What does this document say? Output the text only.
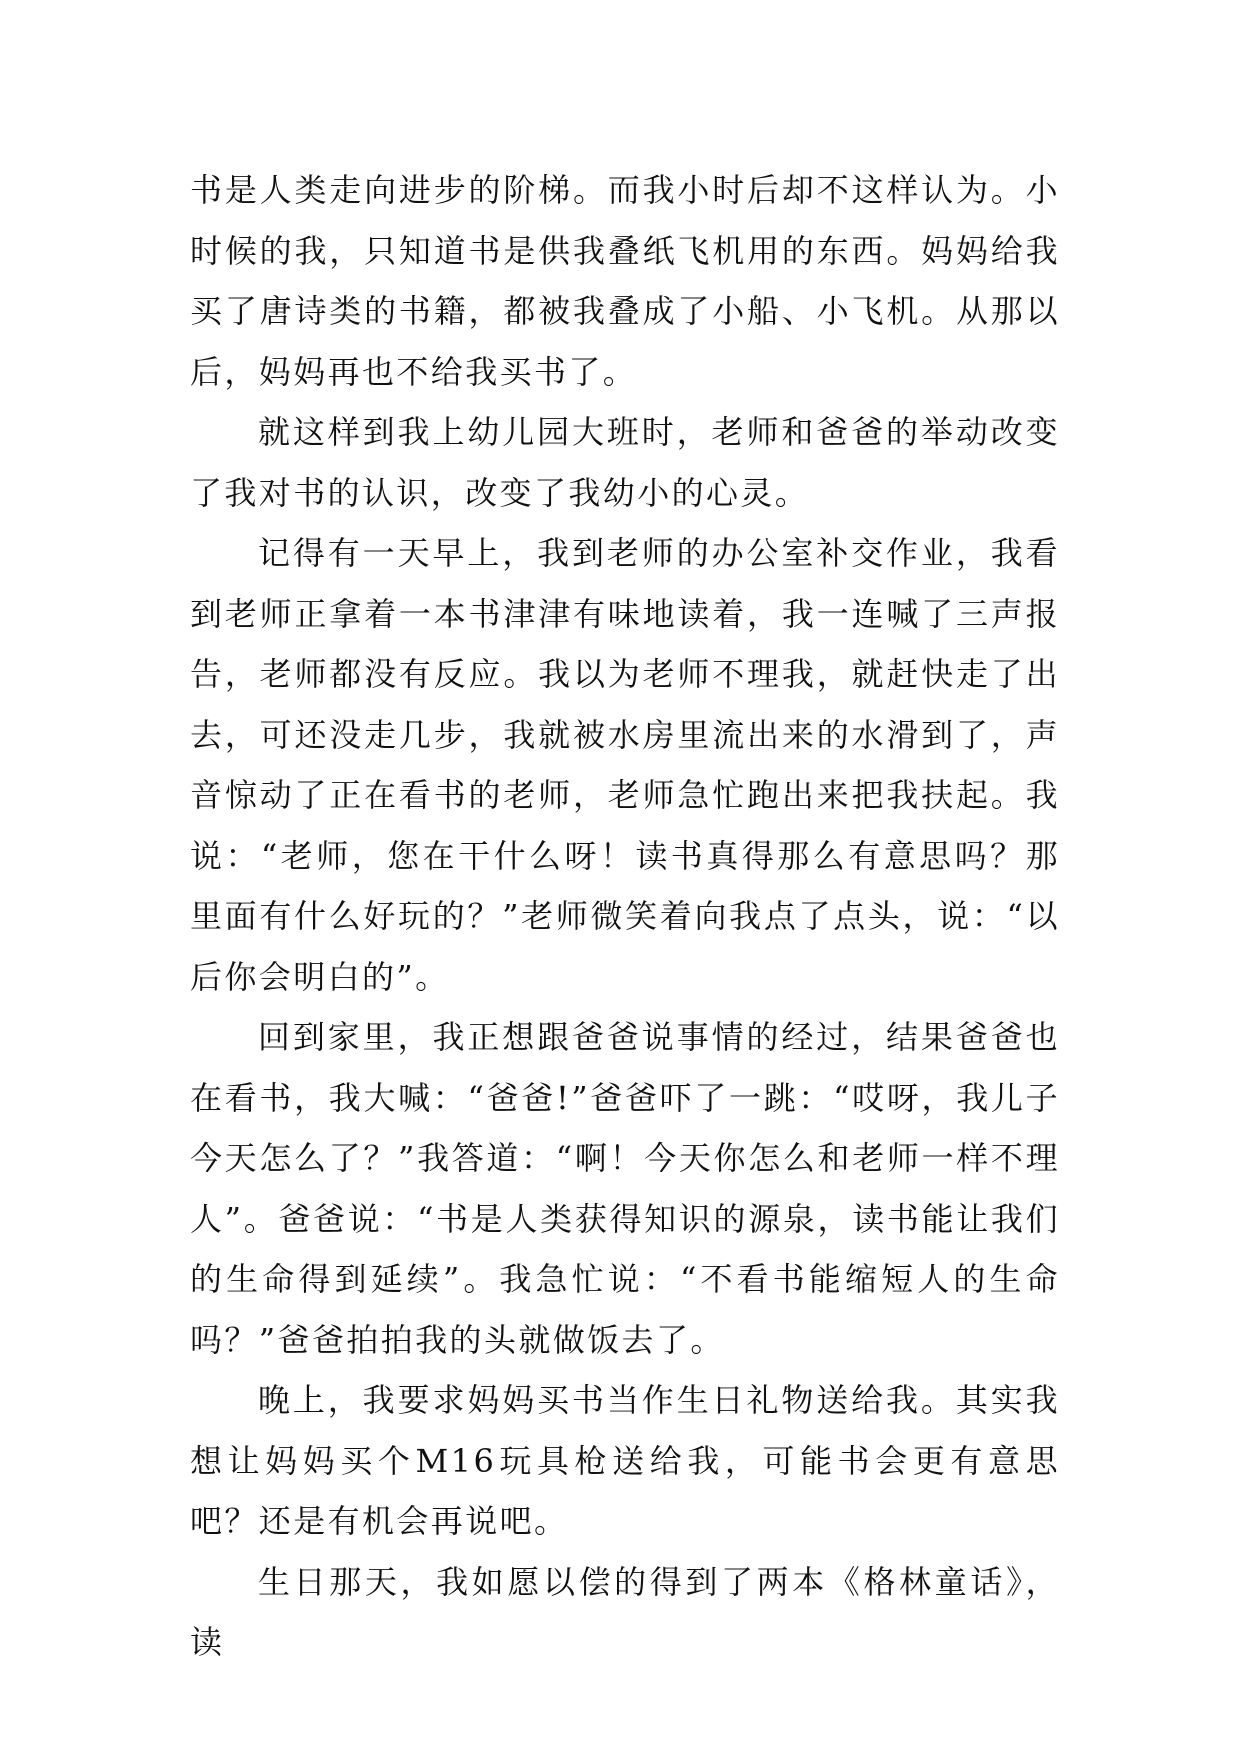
书是人类走向进步的阶梯。而我小时后却不这样认为。小时候的我，只知道书是供我叠纸飞机用的东西。妈妈给我买了唐诗类的书籍，都被我叠成了小船、小飞机。从那以后，妈妈再也不给我买书了。

就这样到我上幼儿园大班时，老师和爸爸的举动改变了我对书的认识，改变了我幼小的心灵。

记得有一天早上，我到老师的办公室补交作业，我看到老师正拿着一本书津津有味地读着，我一连喊了三声报告，老师都没有反应。我以为老师不理我，就赶快走了出去，可还没走几步，我就被水房里流出来的水滑到了，声音惊动了正在看书的老师，老师急忙跑出来把我扶起。我说：“老师，您在干什么呀！读书真得那么有意思吗？那里面有什么好玩的？”老师微笑着向我点了点头，说：“以后你会明白的”。

回到家里，我正想跟爸爸说事情的经过，结果爸爸也在看书，我大喊：“爸爸!”爸爸吓了一跳：“哎呀，我儿子今天怎么了？”我答道：“啊！今天你怎么和老师一样不理人”。爸爸说：“书是人类获得知识的源泉，读书能让我们的生命得到延续”。我急忙说：“不看书能缩短人的生命吗？”爸爸拍拍我的头就做饭去了。

晚上，我要求妈妈买书当作生日礼物送给我。其实我想让妈妈买个M16玩具枪送给我，可能书会更有意思吧？还是有机会再说吧。

生日那天，我如愿以偿的得到了两本《格林童话》，读
